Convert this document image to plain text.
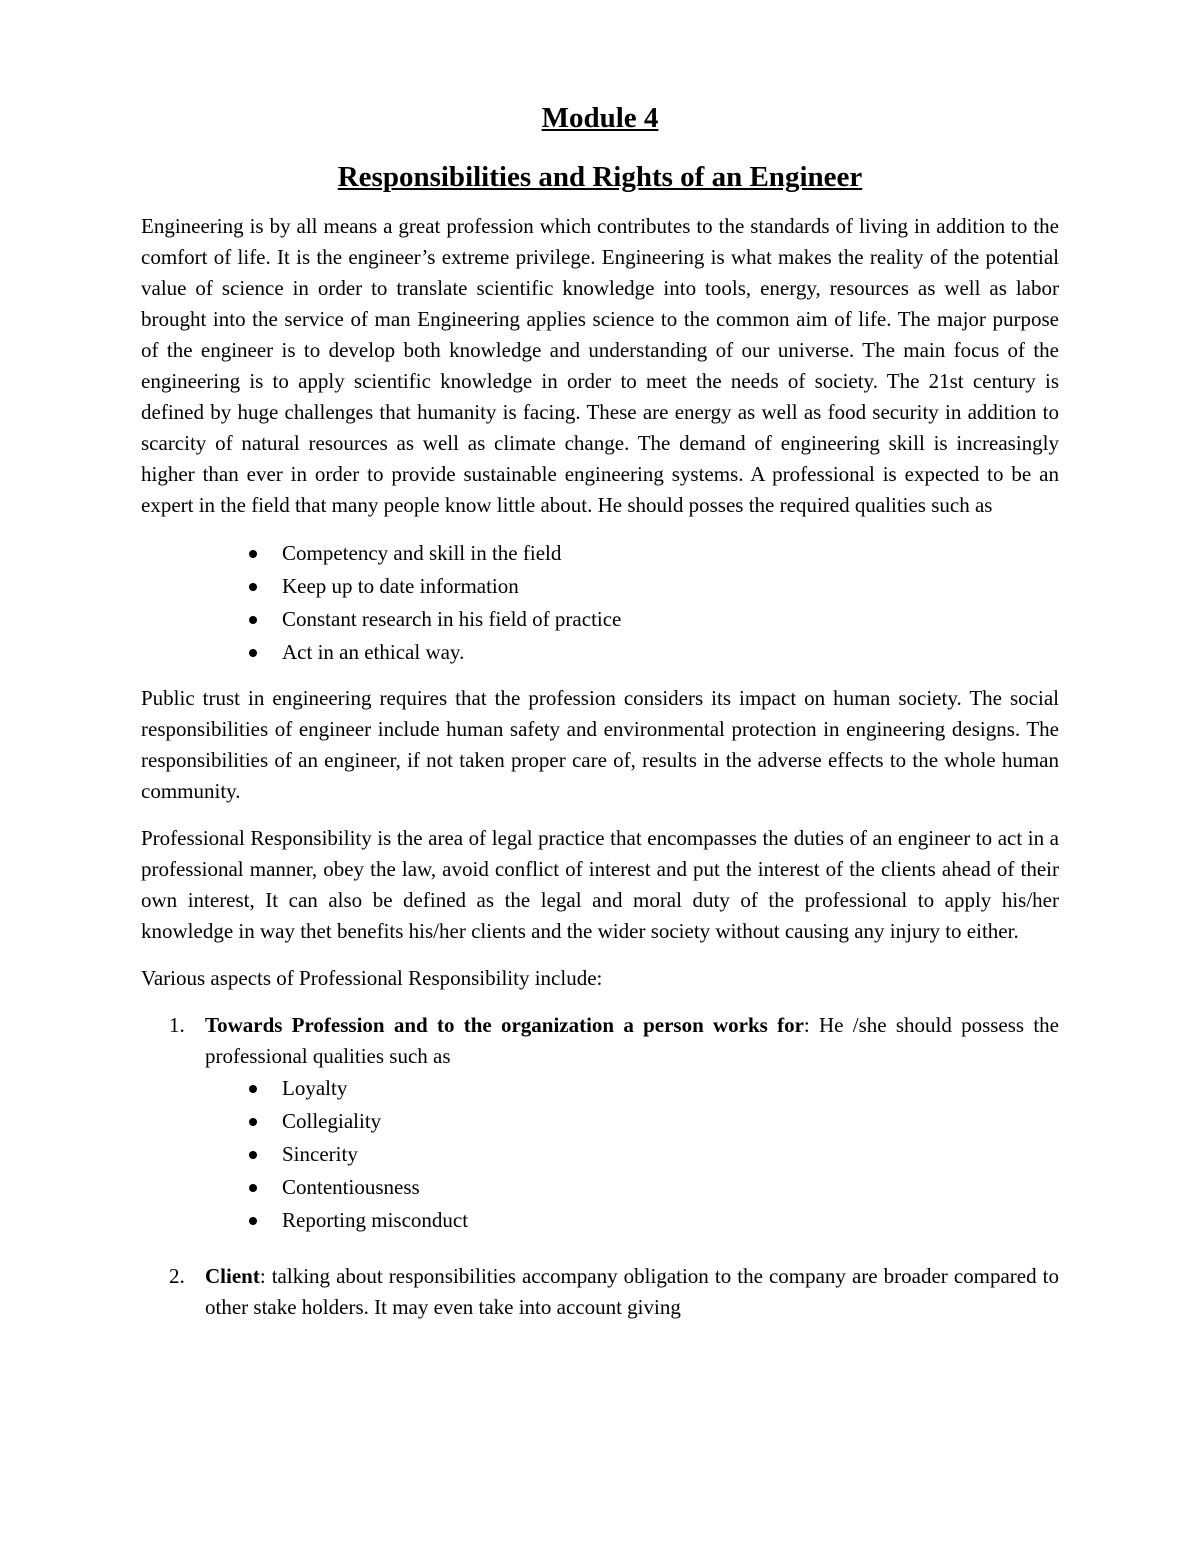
Module 4
Responsibilities and Rights of an Engineer

Engineering is by all means a great profession which contributes to the standards of living in addition to the comfort of life. It is the engineer’s extreme privilege. Engineering is what makes the reality of the potential value of science in order to translate scientific knowledge into tools, energy, resources as well as labor brought into the service of man Engineering applies science to the common aim of life. The major purpose of the engineer is to develop both knowledge and understanding of our universe. The main focus of the engineering is to apply scientific knowledge in order to meet the needs of society. The 21st century is defined by huge challenges that humanity is facing. These are energy as well as food security in addition to scarcity of natural resources as well as climate change. The demand of engineering skill is increasingly higher than ever in order to provide sustainable engineering systems. A professional is expected to be an expert in the field that many people know little about. He should posses the required qualities such as

Competency and skill in the field
Keep up to date information
Constant research in his field of practice
Act in an ethical way.

Public trust in engineering requires that the profession considers its impact on human society. The social responsibilities of engineer include human safety and environmental protection in engineering designs. The responsibilities of an engineer, if not taken proper care of, results in the adverse effects to the whole human community.

Professional Responsibility is the area of legal practice that encompasses the duties of an engineer to act in a professional manner, obey the law, avoid conflict of interest and put the interest of the clients ahead of their own interest, It can also be defined as the legal and moral duty of the professional to apply his/her knowledge in way thet benefits his/her clients and the wider society without causing any injury to either.

Various aspects of Professional Responsibility include:

1. Towards Profession and to the organization a person works for: He /she should possess the professional qualities such as
Loyalty
Collegiality
Sincerity
Contentiousness
Reporting misconduct
2. Client: talking about responsibilities accompany obligation to the company are broader compared to other stake holders. It may even take into account giving
